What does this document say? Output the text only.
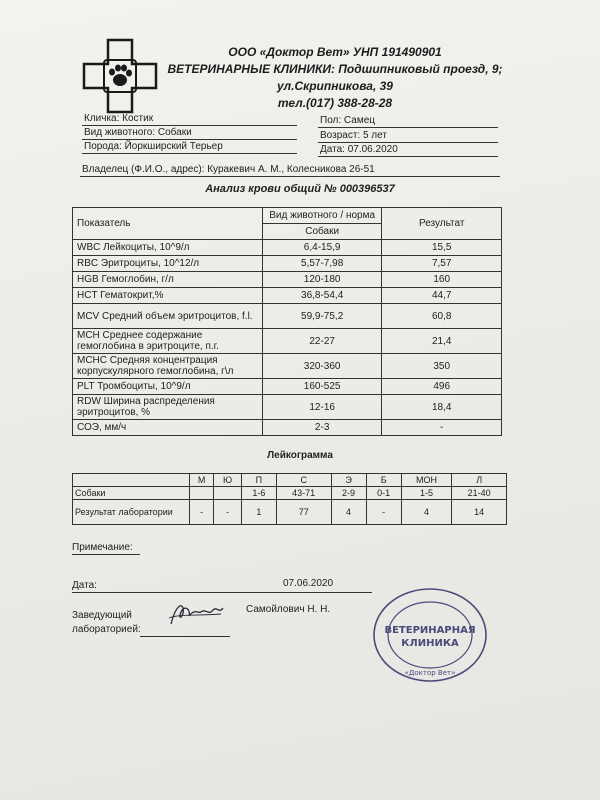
ООО «Доктор Вет» УНП 191490901
ВЕТЕРИНАРНЫЕ КЛИНИКИ: Подшипниковый проезд, 9;
ул.Скрипникова, 39
тел.(017) 388-28-28
Кличка: Костик
Вид животного: Собаки
Порода: Йоркширский Терьер
Пол: Самец
Возраст: 5 лет
Дата: 07.06.2020
Владелец (Ф.И.О., адрес): Куракевич А. М., Колесникова 26-51
Анализ крови общий № 000396537
Показатель	Вид животного / норма	Результат
	Собаки	
WBC Лейкоциты, 10^9/л	6,4-15,9	15,5
RBC Эритроциты, 10^12/л	5,57-7,98	7,57
HGB Гемоглобин, г/л	120-180	160
HCT Гематокрит,%	36,8-54,4	44,7
MCV Средний объем эритроцитов, f.l.	59,9-75,2	60,8
MCH Среднее содержание гемоглобина в эритроците, п.г.	22-27	21,4
MCHC Средняя концентрация корпускулярного гемоглобина, г\л	320-360	350
PLT Тромбоциты, 10^9/л	160-525	496
RDW Ширина распределения эритроцитов, %	12-16	18,4
СОЭ, мм/ч	2-3	-
Лейкограмма
	М	Ю	П	С	Э	Б	МОН	Л
Собаки			1-6	43-71	2-9	0-1	1-5	21-40
Результат лаборатории	-	-	1	77	4	-	4	14
Примечание:
Дата:	07.06.2020
Заведующий
лабораторией:
Самойлович Н. Н.
ВЕТЕРИНАРНАЯ
КЛИНИКА
«Доктор Вет»
